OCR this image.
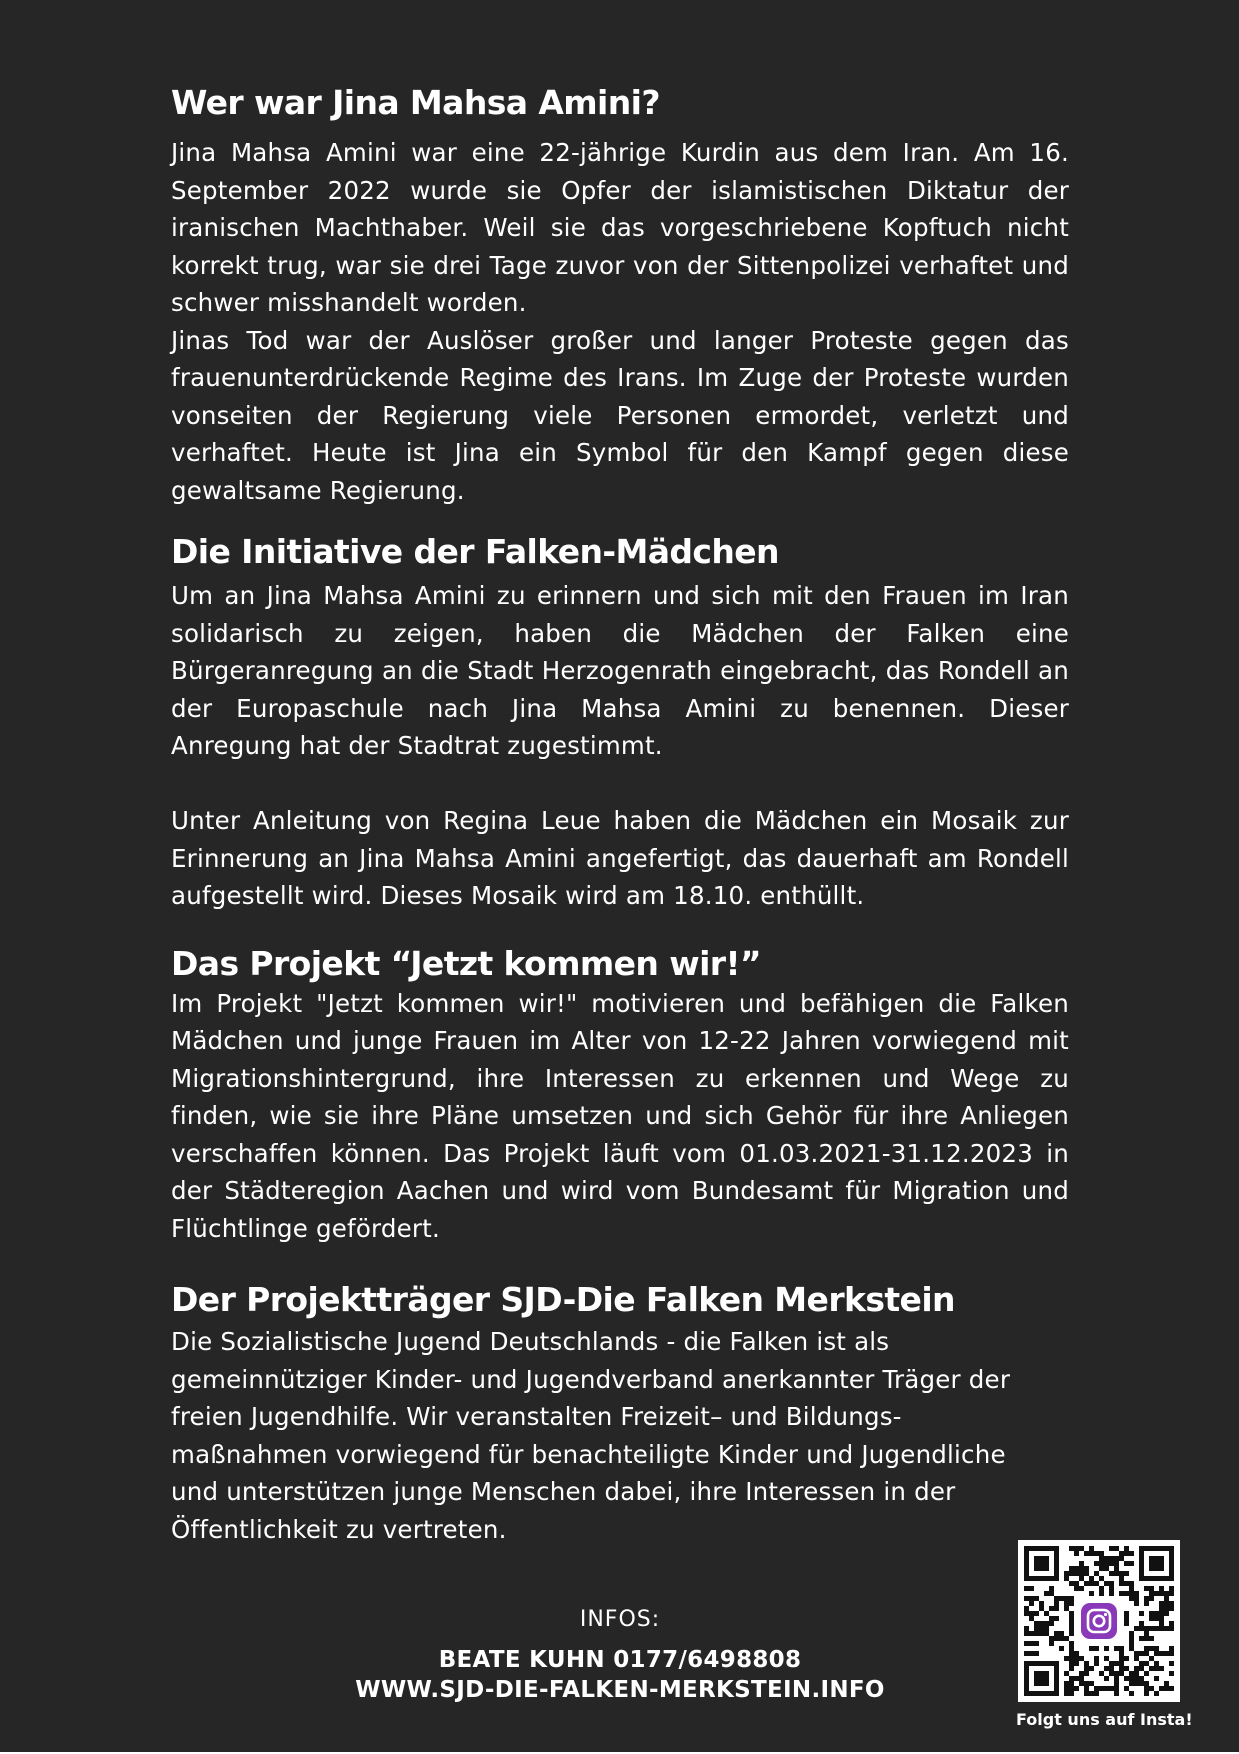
Wer war Jina Mahsa Amini?

Jina Mahsa Amini war eine 22-jährige Kurdin aus dem Iran. Am 16. September 2022 wurde sie Opfer der islamistischen Diktatur der iranischen Machthaber. Weil sie das vorgeschriebene Kopftuch nicht korrekt trug, war sie drei Tage zuvor von der Sittenpolizei verhaftet und schwer misshandelt worden.

Jinas Tod war der Auslöser großer und langer Proteste gegen das frauenunterdrückende Regime des Irans. Im Zuge der Proteste wurden vonseiten der Regierung viele Personen ermordet, verletzt und verhaftet. Heute ist Jina ein Symbol für den Kampf gegen diese gewaltsame Regierung.

Die Initiative der Falken-Mädchen

Um an Jina Mahsa Amini zu erinnern und sich mit den Frauen im Iran solidarisch zu zeigen, haben die Mädchen der Falken eine Bürgeranregung an die Stadt Herzogenrath eingebracht, das Rondell an der Europaschule nach Jina Mahsa Amini zu benennen. Dieser Anregung hat der Stadtrat zugestimmt.

Unter Anleitung von Regina Leue haben die Mädchen ein Mosaik zur Erinnerung an Jina Mahsa Amini angefertigt, das dauerhaft am Rondell aufgestellt wird. Dieses Mosaik wird am 18.10. enthüllt.

Das Projekt “Jetzt kommen wir!”

Im Projekt "Jetzt kommen wir!" motivieren und befähigen die Falken Mädchen und junge Frauen im Alter von 12-22 Jahren vorwiegend mit Migrationshintergrund, ihre Interessen zu erkennen und Wege zu finden, wie sie ihre Pläne umsetzen und sich Gehör für ihre Anliegen verschaffen können. Das Projekt läuft vom 01.03.2021-31.12.2023 in der Städteregion Aachen und wird vom Bundesamt für Migration und Flüchtlinge gefördert.

Der Projektträger SJD-Die Falken Merkstein

Die Sozialistische Jugend Deutschlands - die Falken ist als
gemeinnütziger Kinder- und Jugendverband anerkannter Träger der
freien Jugendhilfe. Wir veranstalten Freizeit– und Bildungs-
maßnahmen vorwiegend für benachteiligte Kinder und Jugendliche
und unterstützen junge Menschen dabei, ihre Interessen in der
Öffentlichkeit zu vertreten.

INFOS:
BEATE KUHN 0177/6498808
WWW.SJD-DIE-FALKEN-MERKSTEIN.INFO
Folgt uns auf Insta!
